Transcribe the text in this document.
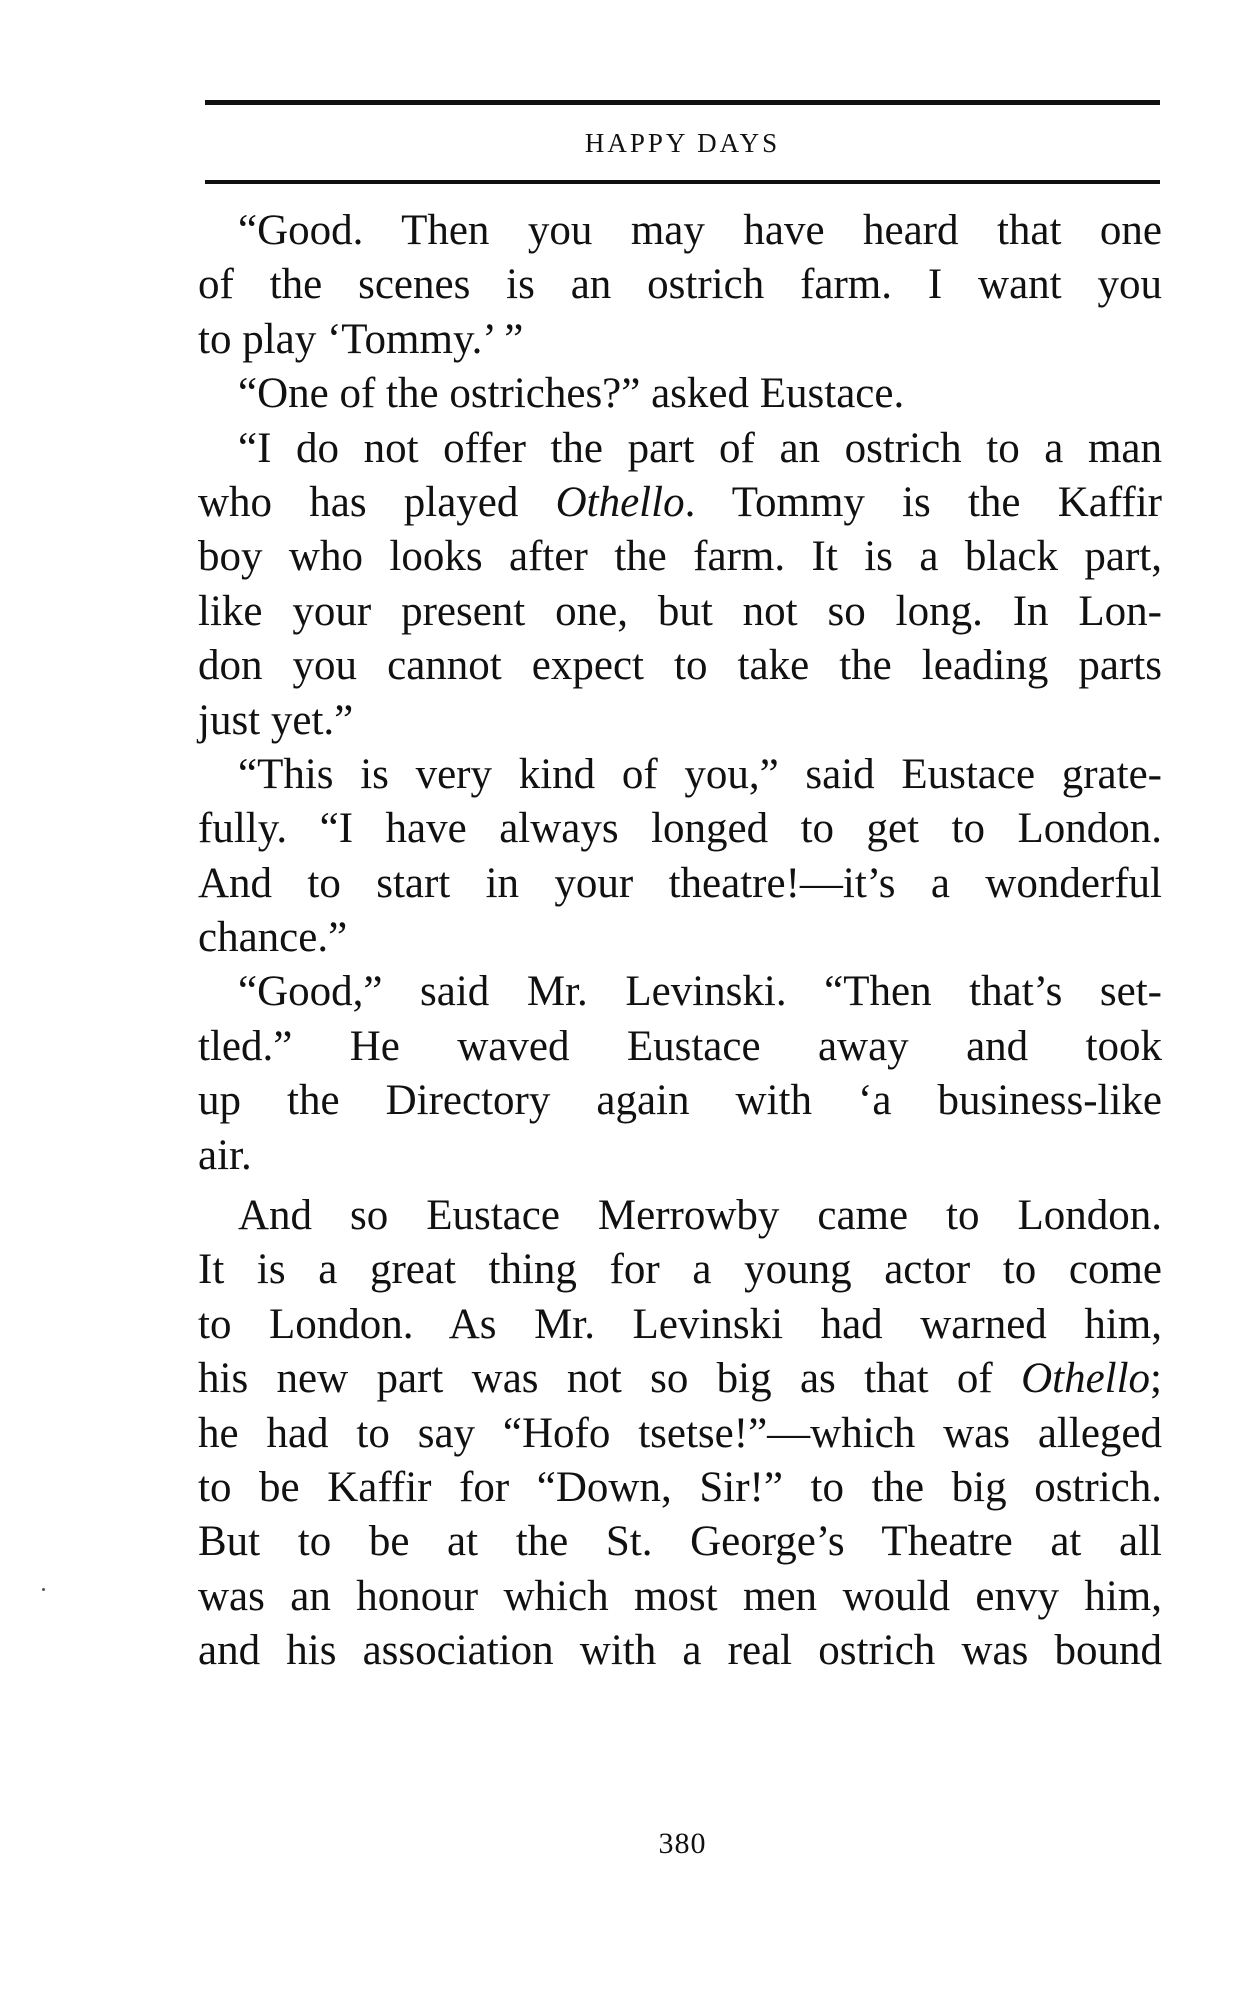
HAPPY DAYS
“Good. Then you may have heard that one
of the scenes is an ostrich farm. I want you
to play ‘Tommy.’ ”
“One of the ostriches?” asked Eustace.
“I do not offer the part of an ostrich to a man
who has played Othello. Tommy is the Kaffir
boy who looks after the farm. It is a black part,
like your present one, but not so long. In Lon-
don you cannot expect to take the leading parts
just yet.”
“This is very kind of you,” said Eustace grate-
fully. “I have always longed to get to London.
And to start in your theatre!—it’s a wonderful
chance.”
“Good,” said Mr. Levinski. “Then that’s set-
tled.” He waved Eustace away and took
up the Directory again with ‘a business-like
air.
And so Eustace Merrowby came to London.
It is a great thing for a young actor to come
to London. As Mr. Levinski had warned him,
his new part was not so big as that of Othello;
he had to say “Hofo tsetse!”—which was alleged
to be Kaffir for “Down, Sir!” to the big ostrich.
But to be at the St. George’s Theatre at all
was an honour which most men would envy him,
and his association with a real ostrich was bound
380
